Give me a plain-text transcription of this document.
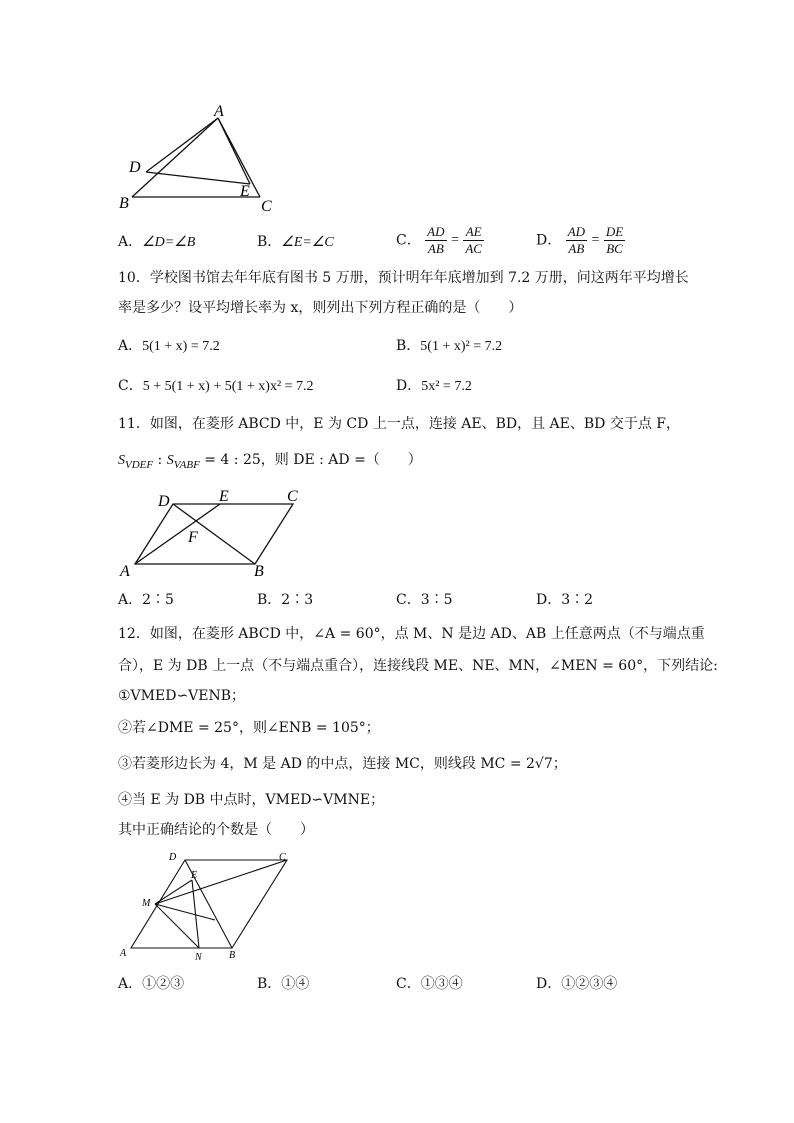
A
D
B
E
C
A．∠D=∠B	B．∠E=∠C	C． $\frac{AD}{AB} = \frac{AE}{AC}$	D． $\frac{AD}{AB} = \frac{DE}{BC}$
10．学校图书馆去年年底有图书 5 万册，预计明年年底增加到 7.2 万册，问这两年平均增长
率是多少？设平均增长率为 x，则列出下列方程正确的是（　　）
A．5(1 + x) = 7.2	B．5(1 + x)² = 7.2
C．5 + 5(1 + x) + 5(1 + x)x² = 7.2	D．5x² = 7.2
11．如图，在菱形 ABCD 中，E 为 CD 上一点，连接 AE、BD，且 AE、BD 交于点 F，
$S_{VDEF}$ : $S_{VABF} = 4$ : 25，则 DE : AD =（　　）
D	E	C
F
A	B
A．2∶5	B．2∶3	C．3∶5	D．3∶2
12．如图，在菱形 ABCD 中，∠A = 60°，点 M、N 是边 AD、AB 上任意两点（不与端点重
合），E 为 DB 上一点（不与端点重合），连接线段 ME、NE、MN，∠MEN = 60°，下列结论:
①VMED∽VENB；
②若∠DME = 25°，则∠ENB = 105°；
③若菱形边长为 4，M 是 AD 的中点，连接 MC，则线段 MC = 2√7；
④当 E 为 DB 中点时，VMED∽VMNE；
其中正确结论的个数是（　　）
D	C
E
M
A	N	B
A．①②③	B．①④	C．①③④	D．①②③④
